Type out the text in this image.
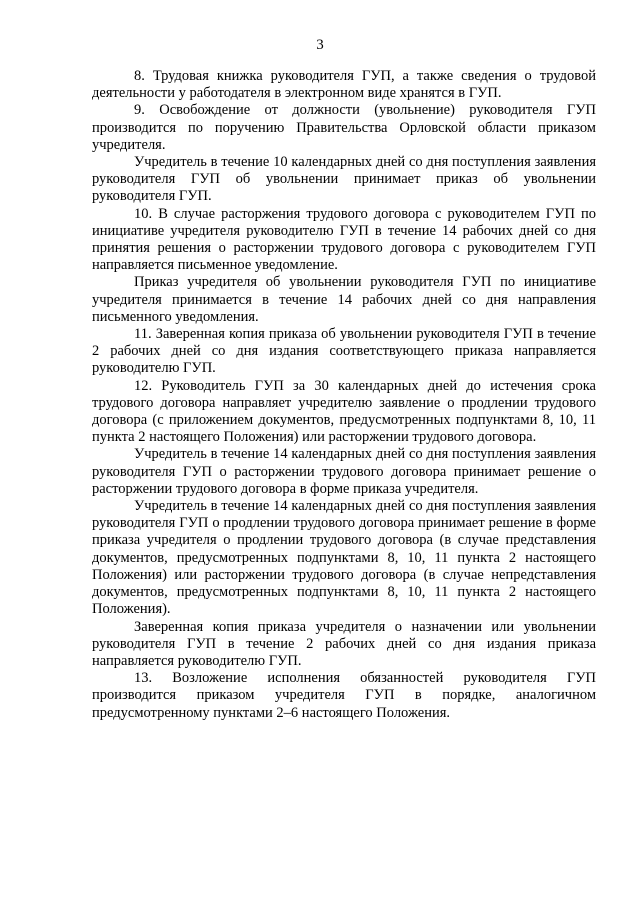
3

8. Трудовая книжка руководителя ГУП, а также сведения о трудовой деятельности у работодателя в электронном виде хранятся в ГУП.

9. Освобождение от должности (увольнение) руководителя ГУП производится по поручению Правительства Орловской области приказом учредителя.

Учредитель в течение 10 календарных дней со дня поступления заявления руководителя ГУП об увольнении принимает приказ об увольнении руководителя ГУП.

10. В случае расторжения трудового договора с руководителем ГУП по инициативе учредителя руководителю ГУП в течение 14 рабочих дней со дня принятия решения о расторжении трудового договора с руководителем ГУП направляется письменное уведомление.

Приказ учредителя об увольнении руководителя ГУП по инициативе учредителя принимается в течение 14 рабочих дней со дня направления письменного уведомления.

11. Заверенная копия приказа об увольнении руководителя ГУП в течение 2 рабочих дней со дня издания соответствующего приказа направляется руководителю ГУП.

12. Руководитель ГУП за 30 календарных дней до истечения срока трудового договора направляет учредителю заявление о продлении трудового договора (с приложением документов, предусмотренных подпунктами 8, 10, 11 пункта 2 настоящего Положения) или расторжении трудового договора.

Учредитель в течение 14 календарных дней со дня поступления заявления руководителя ГУП о расторжении трудового договора принимает решение о расторжении трудового договора в форме приказа учредителя.

Учредитель в течение 14 календарных дней со дня поступления заявления руководителя ГУП о продлении трудового договора принимает решение в форме приказа учредителя о продлении трудового договора (в случае представления документов, предусмотренных подпунктами 8, 10, 11 пункта 2 настоящего Положения) или расторжении трудового договора (в случае непредставления документов, предусмотренных подпунктами 8, 10, 11 пункта 2 настоящего Положения).

Заверенная копия приказа учредителя о назначении или увольнении руководителя ГУП в течение 2 рабочих дней со дня издания приказа направляется руководителю ГУП.

13. Возложение исполнения обязанностей руководителя ГУП производится приказом учредителя ГУП в порядке, аналогичном предусмотренному пунктами 2–6 настоящего Положения.
